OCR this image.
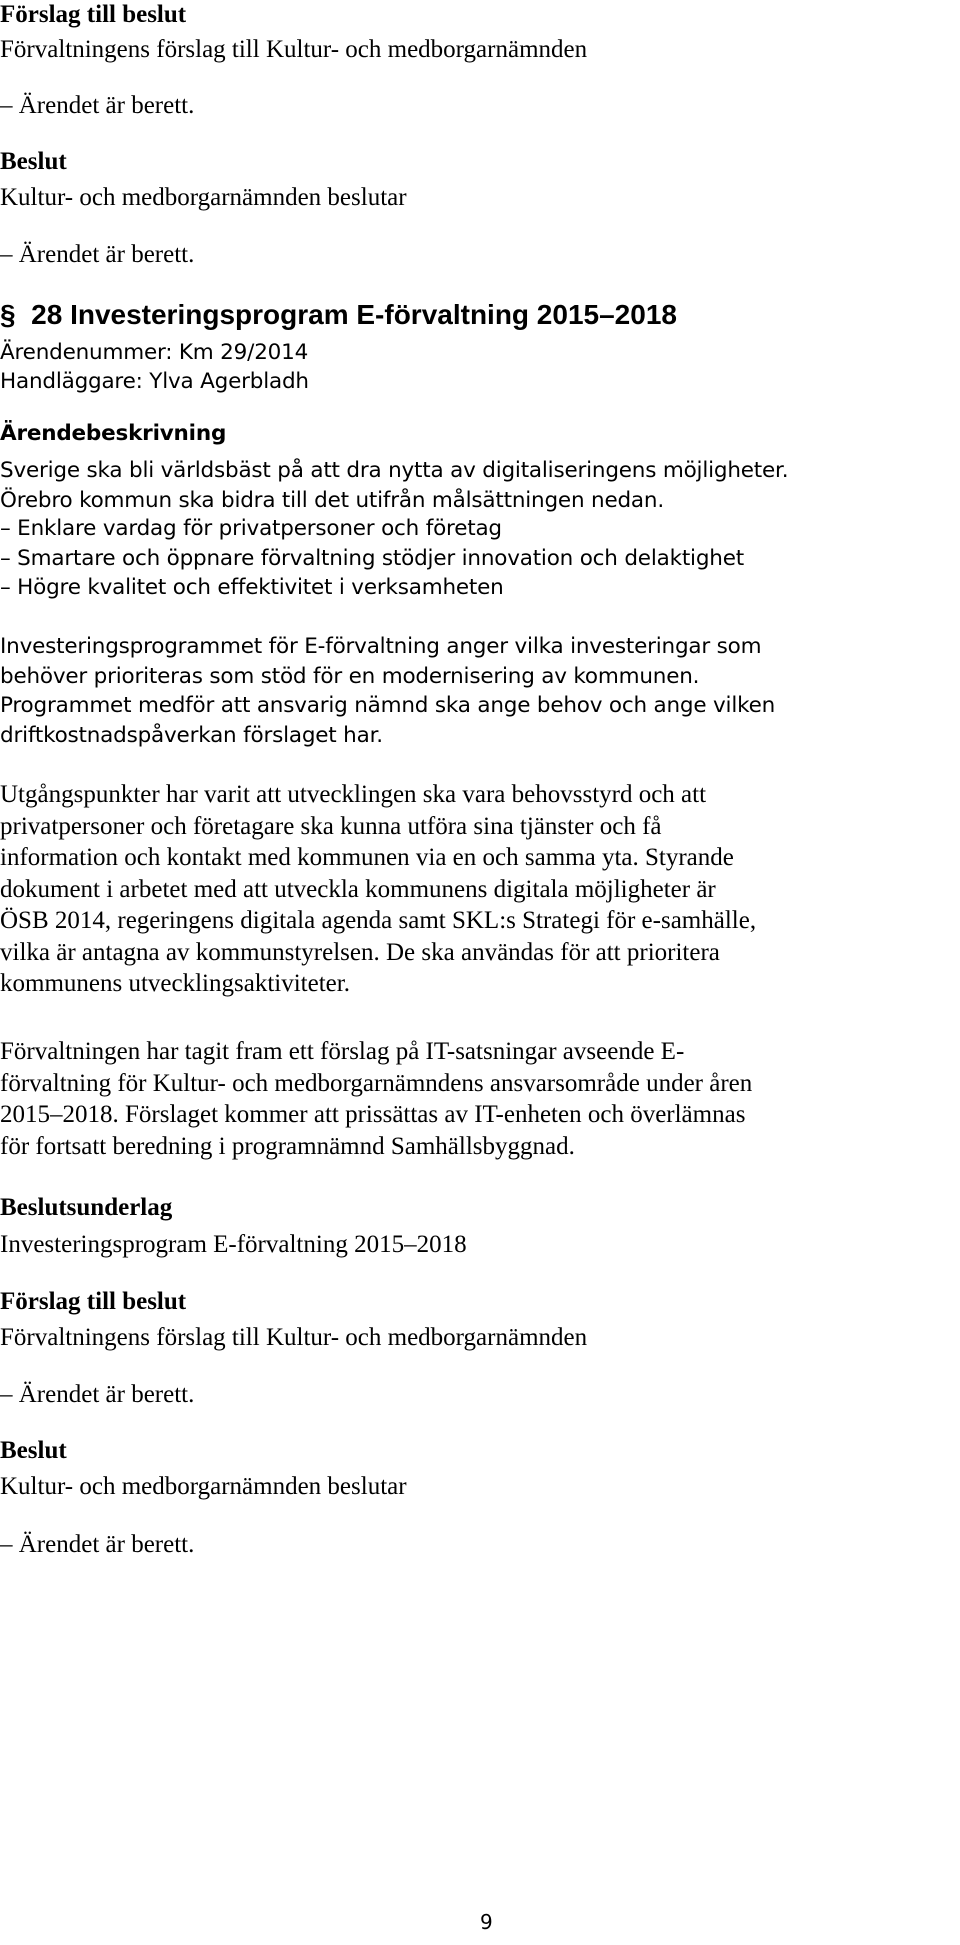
Förslag till beslut
Förvaltningens förslag till Kultur- och medborgarnämnden
– Ärendet är berett.
Beslut
Kultur- och medborgarnämnden beslutar
– Ärendet är berett.
§ 28 Investeringsprogram E-förvaltning 2015–2018
Ärendenummer: Km 29/2014
Handläggare: Ylva Agerbladh
Ärendebeskrivning
Sverige ska bli världsbäst på att dra nytta av digitaliseringens möjligheter.
Örebro kommun ska bidra till det utifrån målsättningen nedan.
– Enklare vardag för privatpersoner och företag
– Smartare och öppnare förvaltning stödjer innovation och delaktighet
– Högre kvalitet och effektivitet i verksamheten
Investeringsprogrammet för E-förvaltning anger vilka investeringar som
behöver prioriteras som stöd för en modernisering av kommunen.
Programmet medför att ansvarig nämnd ska ange behov och ange vilken
driftkostnadspåverkan förslaget har.
Utgångspunkter har varit att utvecklingen ska vara behovsstyrd och att
privatpersoner och företagare ska kunna utföra sina tjänster och få
information och kontakt med kommunen via en och samma yta. Styrande
dokument i arbetet med att utveckla kommunens digitala möjligheter är
ÖSB 2014, regeringens digitala agenda samt SKL:s Strategi för e-samhälle,
vilka är antagna av kommunstyrelsen. De ska användas för att prioritera
kommunens utvecklingsaktiviteter.
Förvaltningen har tagit fram ett förslag på IT-satsningar avseende E-
förvaltning för Kultur- och medborgarnämndens ansvarsområde under åren
2015–2018. Förslaget kommer att prissättas av IT-enheten och överlämnas
för fortsatt beredning i programnämnd Samhällsbyggnad.
Beslutsunderlag
Investeringsprogram E-förvaltning 2015–2018
Förslag till beslut
Förvaltningens förslag till Kultur- och medborgarnämnden
– Ärendet är berett.
Beslut
Kultur- och medborgarnämnden beslutar
– Ärendet är berett.
9
